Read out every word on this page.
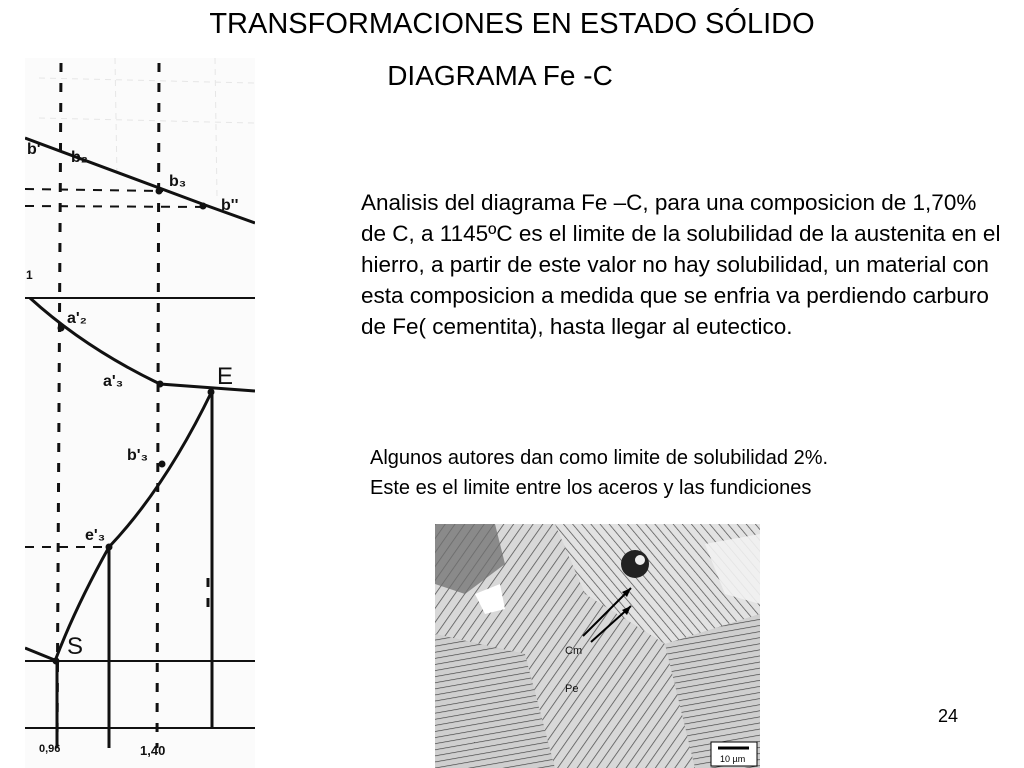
TRANSFORMACIONES EN ESTADO SÓLIDO
DIAGRAMA Fe -C
b' b₂
b₃
b''
1
a'₂
a'₃	E
b'₃
e'₃
S
0,96	1,40
Analisis del diagrama Fe –C, para una composicion de 1,70% de C, a 1145ºC es el limite de la solubilidad de la austenita en el hierro, a partir de este valor no hay solubilidad, un material con esta composicion a medida que se enfria va perdiendo carburo de Fe( cementita), hasta llegar al eutectico.
Algunos autores dan como limite de solubilidad 2%.
Este es el limite entre los aceros y las fundiciones
Cm
Pe
10 µm
24
